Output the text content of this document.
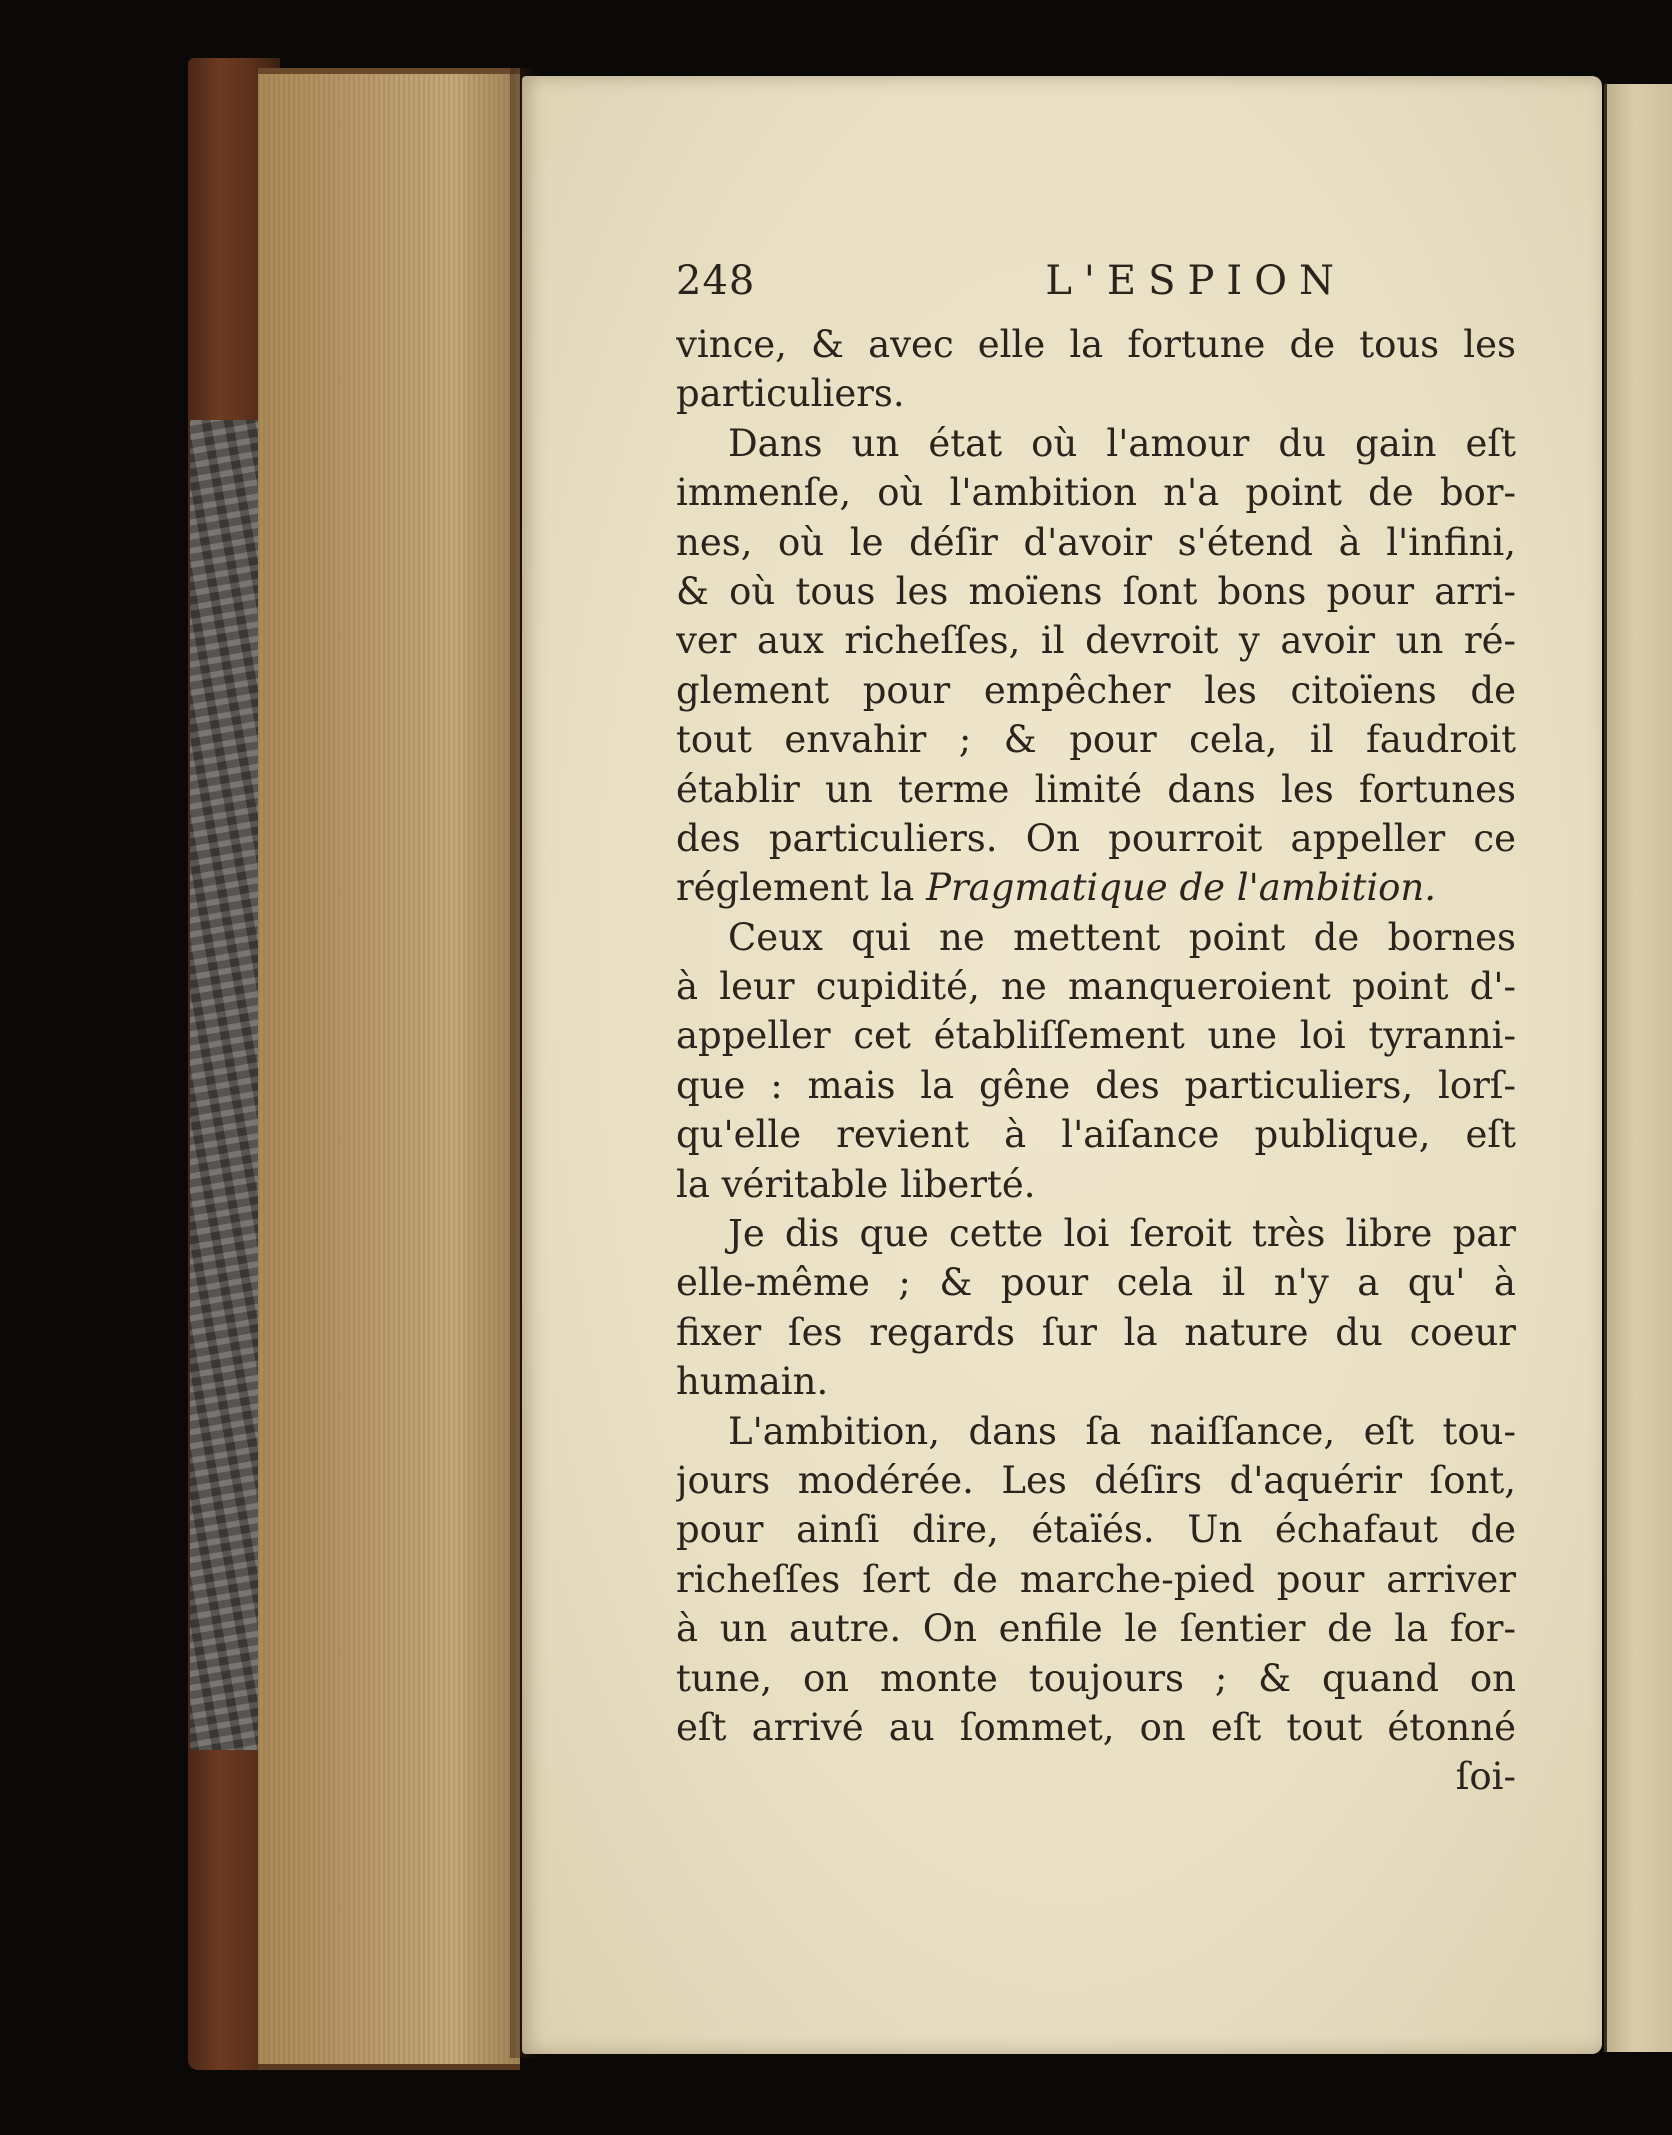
248	L'ESPION
vince, & avec elle la fortune de tous les
particuliers.
Dans un état où l'amour du gain eſt
immenſe, où l'ambition n'a point de bor-
nes, où le déſir d'avoir s'étend à l'infini,
& où tous les moïens ſont bons pour arri-
ver aux richeſſes, il devroit y avoir un ré-
glement pour empêcher les citoïens de
tout envahir ; & pour cela, il faudroit
établir un terme limité dans les fortunes
des particuliers. On pourroit appeller ce
réglement la Pragmatique de l'ambition.
Ceux qui ne mettent point de bornes
à leur cupidité, ne manqueroient point d'-
appeller cet établiſſement une loi tyranni-
que : mais la gêne des particuliers, lorſ-
qu'elle revient à l'aiſance publique, eſt
la véritable liberté.
Je dis que cette loi ſeroit très libre par
elle-même ; & pour cela il n'y a qu' à
fixer ſes regards ſur la nature du coeur
humain.
L'ambition, dans ſa naiſſance, eſt tou-
jours modérée. Les déſirs d'aquérir ſont,
pour ainſi dire, étaïés. Un échafaut de
richeſſes ſert de marche-pied pour arriver
à un autre. On enfile le ſentier de la for-
tune, on monte toujours ; & quand on
eſt arrivé au ſommet, on eſt tout étonné
ſoi-
